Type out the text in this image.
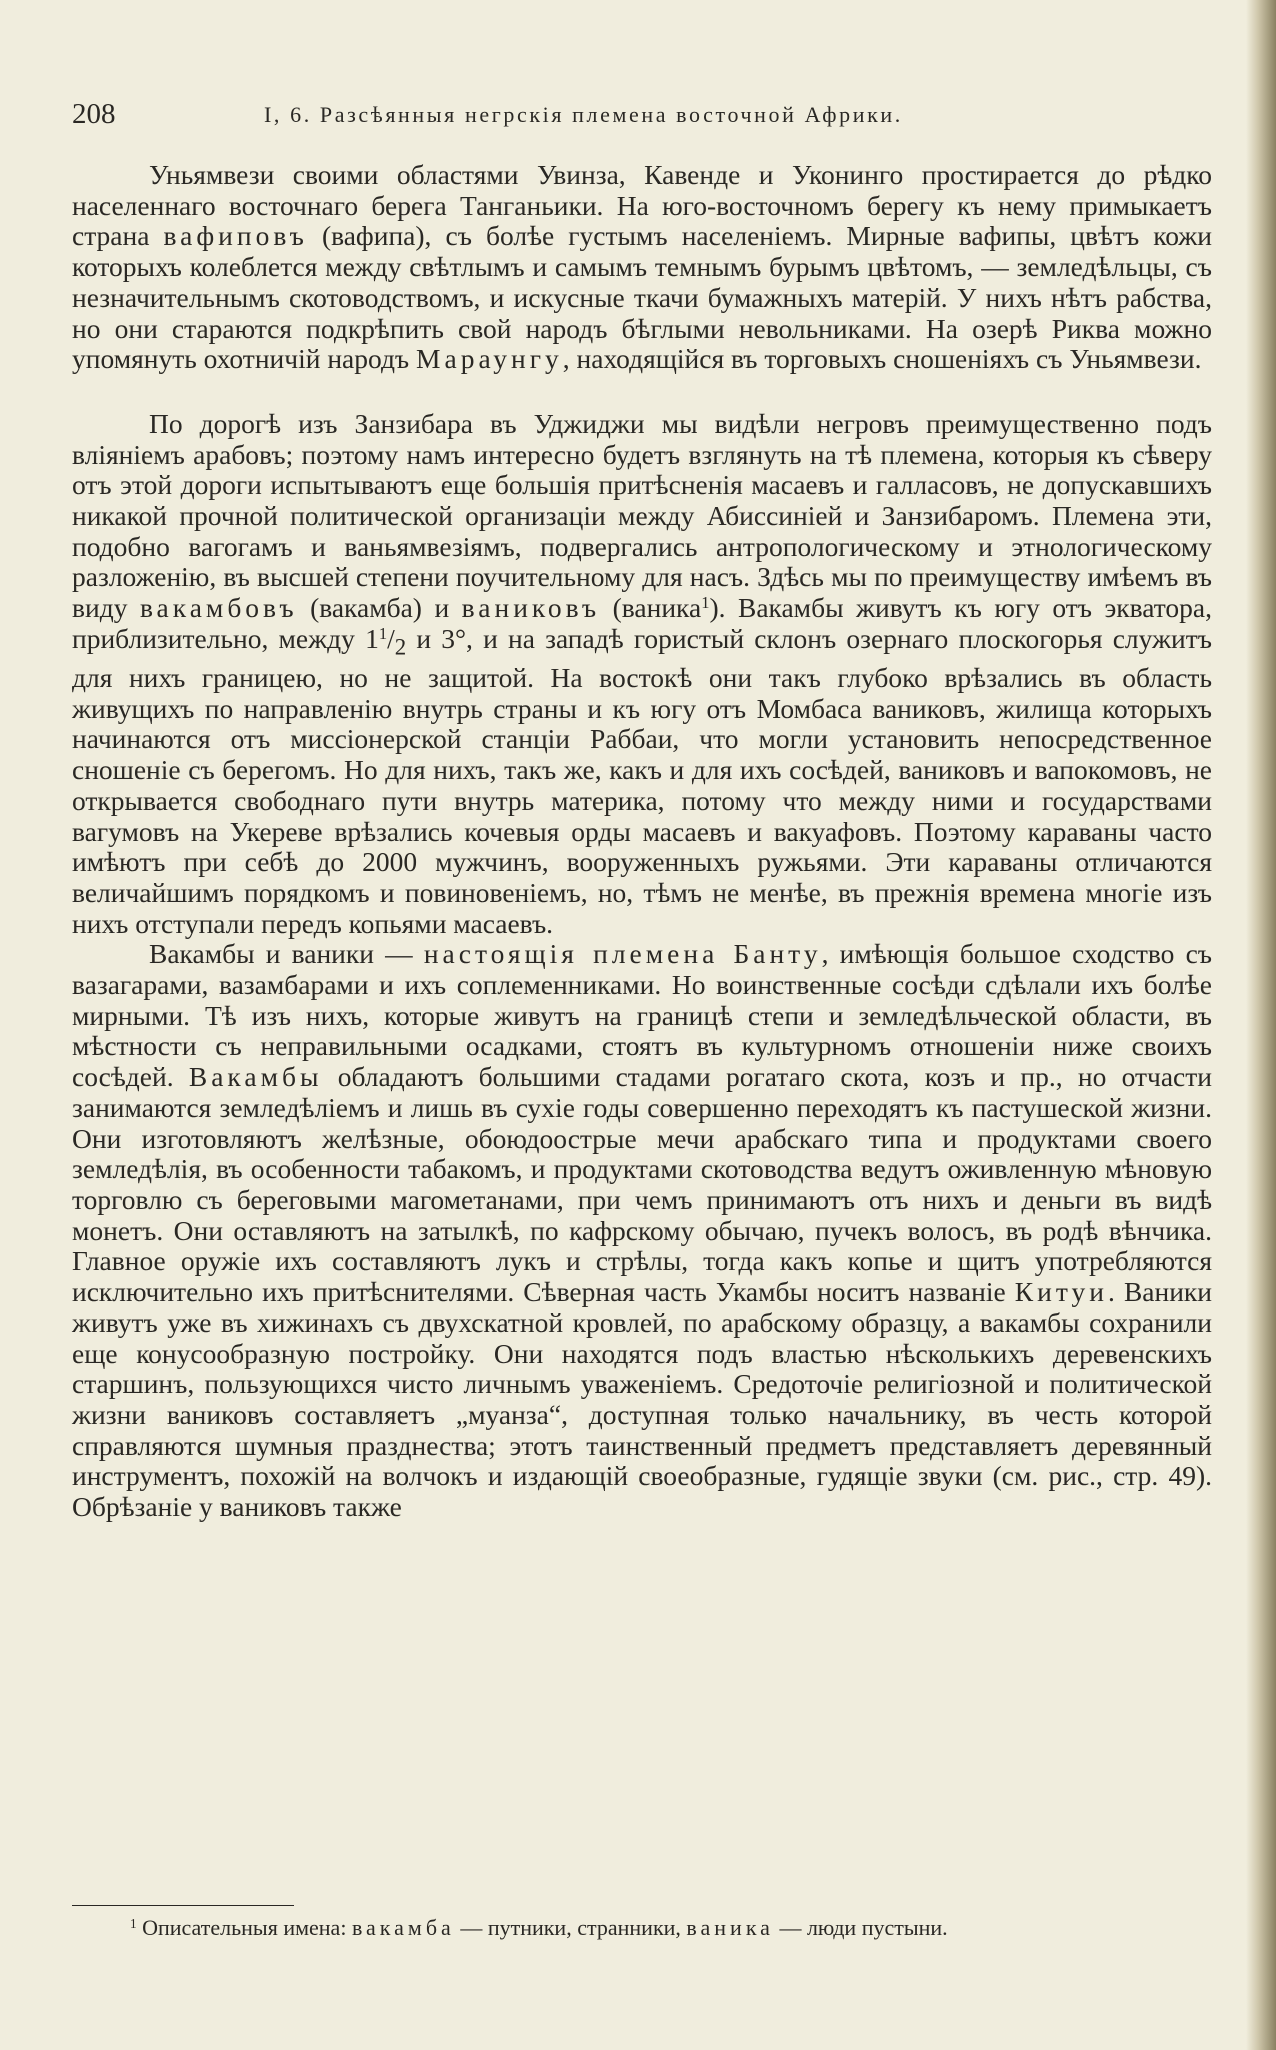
208	I, 6. Разсѣянныя негрскія племена восточной Африки.

Уньямвези своими областями Увинза, Кавенде и Уконинго простирается до рѣдко населеннаго восточнаго берега Танганьики. На юго-восточномъ берегу къ нему примыкаетъ страна вафиповъ (вафипа), съ болѣе густымъ населеніемъ. Мирные вафипы, цвѣтъ кожи которыхъ колеблется между свѣтлымъ и самымъ темнымъ бурымъ цвѣтомъ, — земледѣльцы, съ незначительнымъ скотоводствомъ, и искусные ткачи бумажныхъ матерій. У нихъ нѣтъ рабства, но они стараются подкрѣпить свой народъ бѣглыми невольниками. На озерѣ Риква можно упомянуть охотничій народъ Мараунгу, находящійся въ торговыхъ сношеніяхъ съ Уньямвези.

По дорогѣ изъ Занзибара въ Уджиджи мы видѣли негровъ преимущественно подъ вліяніемъ арабовъ; поэтому намъ интересно будетъ взглянуть на тѣ племена, которыя къ сѣверу отъ этой дороги испытываютъ еще большія притѣсненія масаевъ и галласовъ, не допускавшихъ никакой прочной политической организаціи между Абиссиніей и Занзибаромъ. Племена эти, подобно вагогамъ и ваньямвезіямъ, подвергались антропологическому и этнологическому разложенію, въ высшей степени поучительному для насъ. Здѣсь мы по преимуществу имѣемъ въ виду вакамбовъ (вакамба) и ваниковъ (ваника$^1$). Вакамбы живутъ къ югу отъ экватора, приблизительно, между $1^1/_2$ и 3°, и на западѣ гористый склонъ озернаго плоскогорья служитъ для нихъ границею, но не защитой. На востокѣ они такъ глубоко врѣзались въ область живущихъ по направленію внутрь страны и къ югу отъ Момбаса ваниковъ, жилища которыхъ начинаются отъ миссіонерской станціи Раббаи, что могли установить непосредственное сношеніе съ берегомъ. Но для нихъ, такъ же, какъ и для ихъ сосѣдей, ваниковъ и вапокомовъ, не открывается свободнаго пути внутрь материка, потому что между ними и государствами вагумовъ на Укереве врѣзались кочевыя орды масаевъ и вакуафовъ. Поэтому караваны часто имѣютъ при себѣ до 2000 мужчинъ, вооруженныхъ ружьями. Эти караваны отличаются величайшимъ порядкомъ и повиновеніемъ, но, тѣмъ не менѣе, въ прежнія времена многіе изъ нихъ отступали передъ копьями масаевъ.

Вакамбы и ваники — настоящія племена Банту, имѣющія большое сходство съ вазагарами, вазамбарами и ихъ соплеменниками. Но воинственные сосѣди сдѣлали ихъ болѣе мирными. Тѣ изъ нихъ, которые живутъ на границѣ степи и земледѣльческой области, въ мѣстности съ неправильными осадками, стоятъ въ культурномъ отношеніи ниже своихъ сосѣдей. Вакамбы обладаютъ большими стадами рогатаго скота, козъ и пр., но отчасти занимаются земледѣліемъ и лишь въ сухіе годы совершенно переходятъ къ пастушеской жизни. Они изготовляютъ желѣзные, обоюдоострые мечи арабскаго типа и продуктами своего земледѣлія, въ особенности табакомъ, и продуктами скотоводства ведутъ оживленную мѣновую торговлю съ береговыми магометанами, при чемъ принимаютъ отъ нихъ и деньги въ видѣ монетъ. Они оставляютъ на затылкѣ, по кафрскому обычаю, пучекъ волосъ, въ родѣ вѣнчика. Главное оружіе ихъ составляютъ лукъ и стрѣлы, тогда какъ копье и щитъ употребляются исключительно ихъ притѣснителями. Сѣверная часть Укамбы носитъ названіе Китуи. Ваники живутъ уже въ хижинахъ съ двухскатной кровлей, по арабскому образцу, а вакамбы сохранили еще конусообразную постройку. Они находятся подъ властью нѣсколькихъ деревенскихъ старшинъ, пользующихся чисто личнымъ уваженіемъ. Средоточіе религіозной и политической жизни ваниковъ составляетъ „муанза“, доступная только начальнику, въ честь которой справляются шумныя празднества; этотъ таинственный предметъ представляетъ деревянный инструментъ, похожій на волчокъ и издающій своеобразные, гудящіе звуки (см. рис., стр. 49). Обрѣзаніе у ваниковъ также

$^1$ Описательныя имена: вакамба — путники, странники, ваника — люди пустыни.
